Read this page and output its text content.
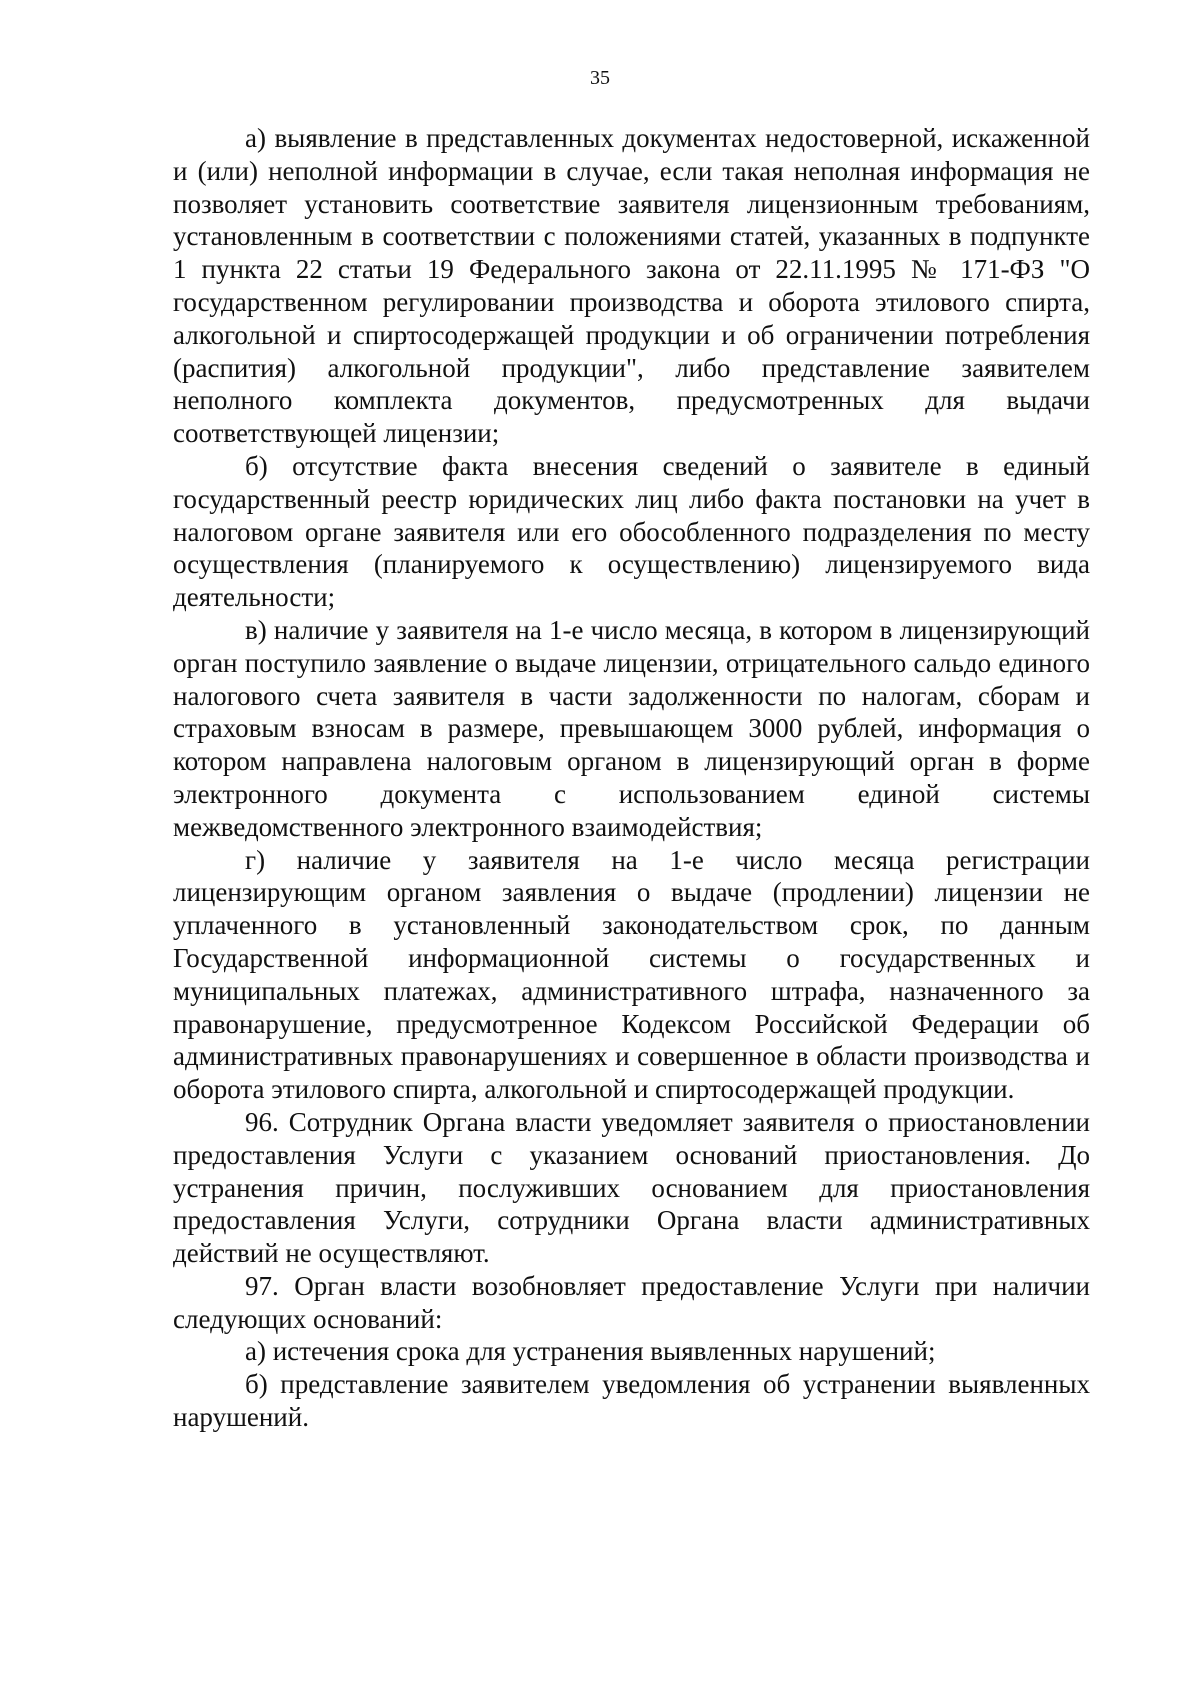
35

а) выявление в представленных документах недостоверной, искаженной и (или) неполной информации в случае, если такая неполная информация не позволяет установить соответствие заявителя лицензионным требованиям, установленным в соответствии с положениями статей, указанных в подпункте 1 пункта 22 статьи 19 Федерального закона от 22.11.1995 № 171-ФЗ "О государственном регулировании производства и оборота этилового спирта, алкогольной и спиртосодержащей продукции и об ограничении потребления (распития) алкогольной продукции", либо представление заявителем неполного комплекта документов, предусмотренных для выдачи соответствующей лицензии;

б) отсутствие факта внесения сведений о заявителе в единый государственный реестр юридических лиц либо факта постановки на учет в налоговом органе заявителя или его обособленного подразделения по месту осуществления (планируемого к осуществлению) лицензируемого вида деятельности;

в) наличие у заявителя на 1-е число месяца, в котором в лицензирующий орган поступило заявление о выдаче лицензии, отрицательного сальдо единого налогового счета заявителя в части задолженности по налогам, сборам и страховым взносам в размере, превышающем 3000 рублей, информация о котором направлена налоговым органом в лицензирующий орган в форме электронного документа с использованием единой системы межведомственного электронного взаимодействия;

г) наличие у заявителя на 1-е число месяца регистрации лицензирующим органом заявления о выдаче (продлении) лицензии не уплаченного в установленный законодательством срок, по данным Государственной информационной системы о государственных и муниципальных платежах, административного штрафа, назначенного за правонарушение, предусмотренное Кодексом Российской Федерации об административных правонарушениях и совершенное в области производства и оборота этилового спирта, алкогольной и спиртосодержащей продукции.

96. Сотрудник Органа власти уведомляет заявителя о приостановлении предоставления Услуги с указанием оснований приостановления. До устранения причин, послуживших основанием для приостановления предоставления Услуги, сотрудники Органа власти административных действий не осуществляют.

97. Орган власти возобновляет предоставление Услуги при наличии следующих оснований:

а) истечения срока для устранения выявленных нарушений;

б) представление заявителем уведомления об устранении выявленных нарушений.
